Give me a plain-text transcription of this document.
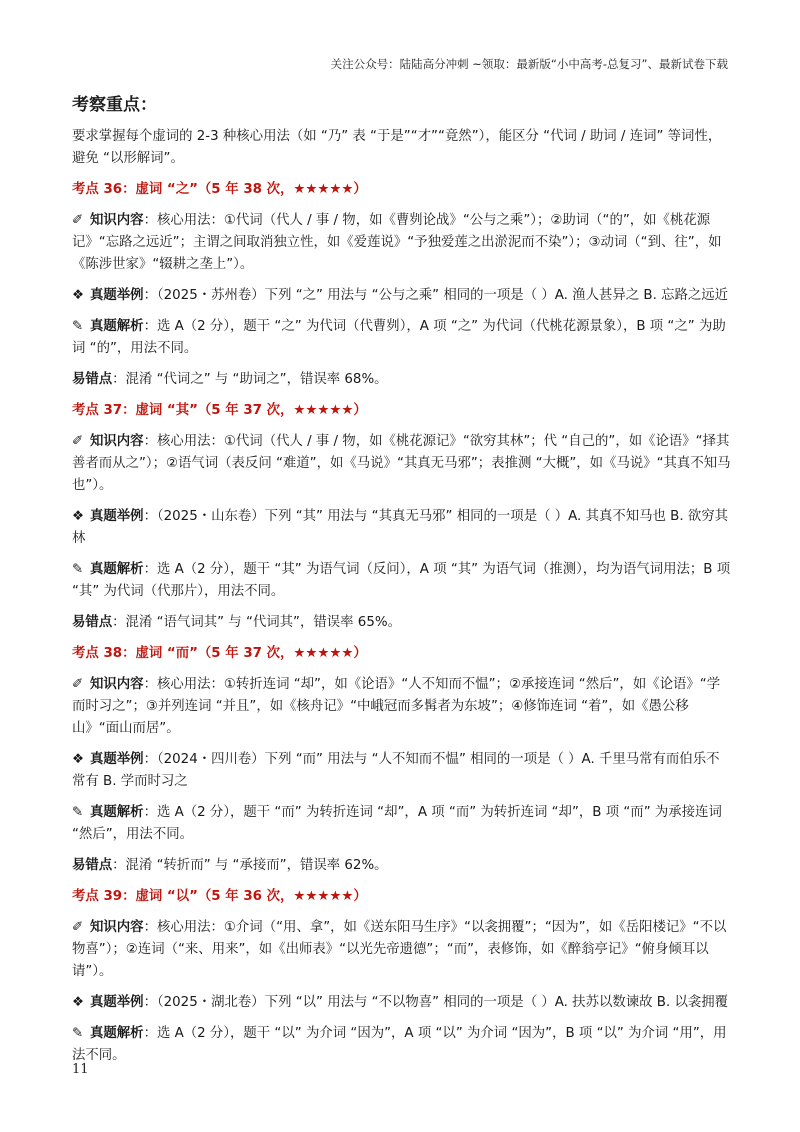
关注公众号：陆陆高分冲刺 ~领取：最新版“小中高考-总复习”、最新试卷下载
考察重点：
要求掌握每个虚词的 2-3 种核心用法（如 “乃” 表 “于是”“才”“竟然”），能区分 “代词 / 助词 / 连词” 等词性，避免 “以形解词”。
考点 36：虚词 “之”（5 年 38 次，★★★★★）
✐ 知识内容：核心用法：①代词（代人 / 事 / 物，如《曹刿论战》“公与之乘”）；②助词（“的”，如《桃花源记》“忘路之远近”；主谓之间取消独立性，如《爱莲说》“予独爱莲之出淤泥而不染”）；③动词（“到、往”，如《陈涉世家》“辍耕之垄上”）。
❖ 真题举例：（2025・苏州卷）下列 “之” 用法与 “公与之乘” 相同的一项是（ ）A. 渔人甚异之 B. 忘路之远近
✎ 真题解析：选 A（2 分），题干 “之” 为代词（代曹刿），A 项 “之” 为代词（代桃花源景象），B 项 “之” 为助词 “的”，用法不同。
易错点：混淆 “代词之” 与 “助词之”，错误率 68%。
考点 37：虚词 “其”（5 年 37 次，★★★★★）
✐ 知识内容：核心用法：①代词（代人 / 事 / 物，如《桃花源记》“欲穷其林”；代 “自己的”，如《论语》“择其善者而从之”）；②语气词（表反问 “难道”，如《马说》“其真无马邪”；表推测 “大概”，如《马说》“其真不知马也”）。
❖ 真题举例：（2025・山东卷）下列 “其” 用法与 “其真无马邪” 相同的一项是（ ）A. 其真不知马也 B. 欲穷其林
✎ 真题解析：选 A（2 分），题干 “其” 为语气词（反问），A 项 “其” 为语气词（推测），均为语气词用法；B 项 “其” 为代词（代那片），用法不同。
易错点：混淆 “语气词其” 与 “代词其”，错误率 65%。
考点 38：虚词 “而”（5 年 37 次，★★★★★）
✐ 知识内容：核心用法：①转折连词 “却”，如《论语》“人不知而不愠”；②承接连词 “然后”，如《论语》“学而时习之”；③并列连词 “并且”，如《核舟记》“中峨冠而多髯者为东坡”；④修饰连词 “着”，如《愚公移山》“面山而居”。
❖ 真题举例：（2024・四川卷）下列 “而” 用法与 “人不知而不愠” 相同的一项是（ ）A. 千里马常有而伯乐不常有 B. 学而时习之
✎ 真题解析：选 A（2 分），题干 “而” 为转折连词 “却”，A 项 “而” 为转折连词 “却”，B 项 “而” 为承接连词 “然后”，用法不同。
易错点：混淆 “转折而” 与 “承接而”，错误率 62%。
考点 39：虚词 “以”（5 年 36 次，★★★★★）
✐ 知识内容：核心用法：①介词（“用、拿”，如《送东阳马生序》“以衾拥覆”；“因为”，如《岳阳楼记》“不以物喜”）；②连词（“来、用来”，如《出师表》“以光先帝遗德”；“而”，表修饰，如《醉翁亭记》“俯身倾耳以请”）。
❖ 真题举例：（2025・湖北卷）下列 “以” 用法与 “不以物喜” 相同的一项是（ ）A. 扶苏以数谏故 B. 以衾拥覆
✎ 真题解析：选 A（2 分），题干 “以” 为介词 “因为”，A 项 “以” 为介词 “因为”，B 项 “以” 为介词 “用”，用法不同。
11
